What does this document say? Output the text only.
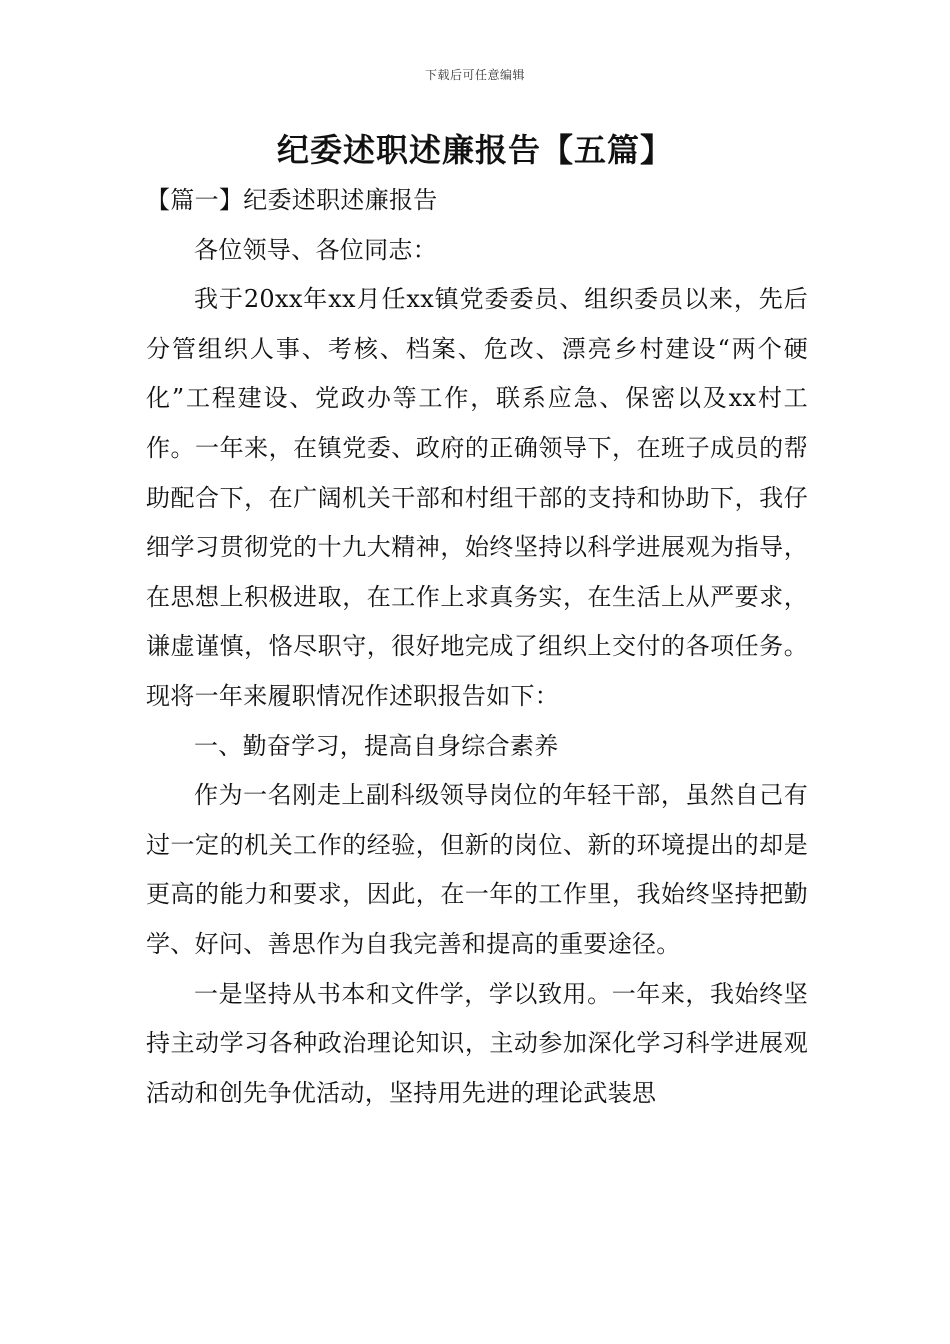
下载后可任意编辑
纪委述职述廉报告【五篇】

【篇一】纪委述职述廉报告

各位领导、各位同志：

我于20xx年xx月任xx镇党委委员、组织委员以来，先后分管组织人事、考核、档案、危改、漂亮乡村建设“两个硬化”工程建设、党政办等工作，联系应急、保密以及xx村工作。一年来，在镇党委、政府的正确领导下，在班子成员的帮助配合下，在广阔机关干部和村组干部的支持和协助下，我仔细学习贯彻党的十九大精神，始终坚持以科学进展观为指导，在思想上积极进取，在工作上求真务实，在生活上从严要求，谦虚谨慎，恪尽职守，很好地完成了组织上交付的各项任务。现将一年来履职情况作述职报告如下：

一、勤奋学习，提高自身综合素养

作为一名刚走上副科级领导岗位的年轻干部，虽然自己有过一定的机关工作的经验，但新的岗位、新的环境提出的却是更高的能力和要求，因此，在一年的工作里，我始终坚持把勤学、好问、善思作为自我完善和提高的重要途径。

一是坚持从书本和文件学，学以致用。一年来，我始终坚持主动学习各种政治理论知识，主动参加深化学习科学进展观活动和创先争优活动，坚持用先进的理论武装思
